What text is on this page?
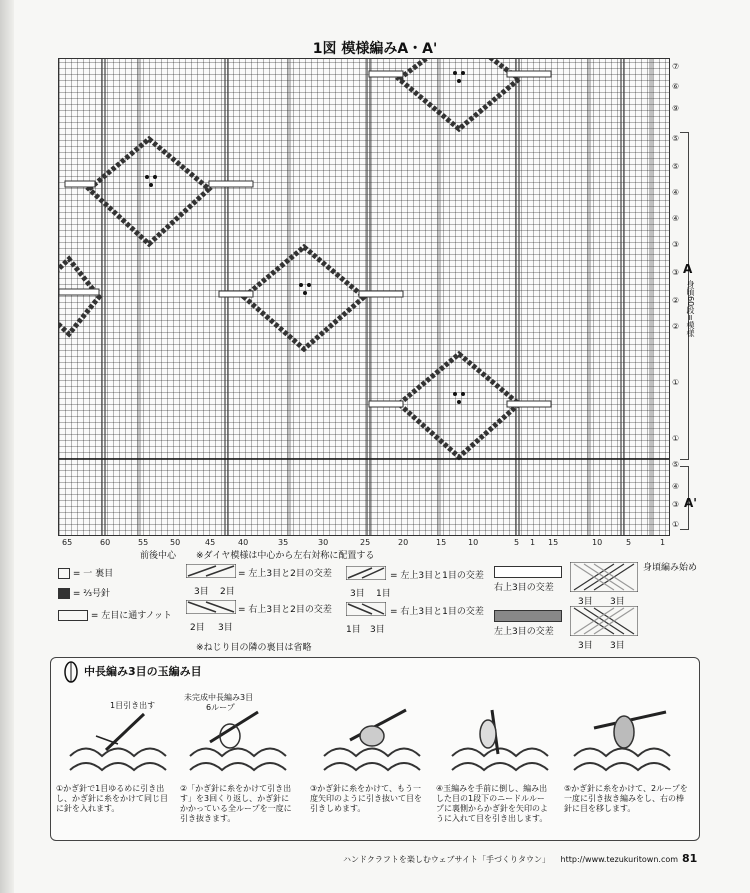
1図 模様編みA・A'
⑦
⑥
⑨
⑤
⑤
④
④
③
③
②
②
①
①
⑤
④
③
①
A
身頃60段=模様
A'
65	60	55	50	45	40	35	30	25	20	15	10	5 1 15	10	5	1
前後中心 ※ダイヤ模様は中心から左右対称に配置する
身頃編み始め
= 一 裏目
= ⅔号針
= 左目に通すノット
= 左上3目と2目の交差
3目 2目
= 右上3目と2目の交差
2目 3目
= 左上3目と1目の交差
3目 1目
= 右上3目と1目の交差
1目 3目
※ねじり目の隣の裏目は省略
右上3目の交差
3目 3目
左上3目の交差
3目 3目
中長編み3目の玉編み目
1目引き出す
未完成中長編み3目
6ループ
①かぎ針で1目ゆるめに引き出し、かぎ針に糸をかけて同じ目に針を入れます。
②「かぎ針に糸をかけて引き出す」を3回くり返し、かぎ針にかかっている全ループを一度に引き抜きます。
③かぎ針に糸をかけて、もう一度矢印のように引き抜いて目を引きしめます。
④玉編みを手前に倒し、編み出した目の1段下のニードルループに裏側からかぎ針を矢印のように入れて目を引き出します。
⑤かぎ針に糸をかけて、2ループを一度に引き抜き編みをし、右の棒針に目を移します。
ハンドクラフトを楽しむウェブサイト「手づくりタウン」 http://www.tezukuritown.com 81
